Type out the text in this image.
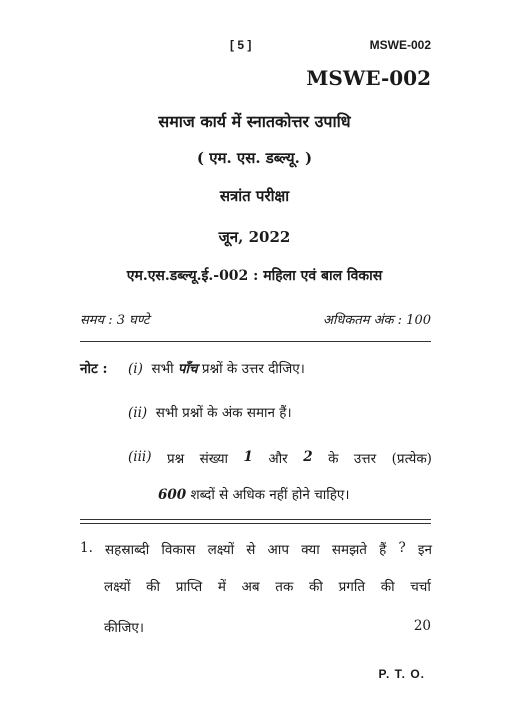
[ 5 ]	MSWE-002
MSWE-002
समाज कार्य में स्नातकोत्तर उपाधि
( एम. एस. डब्ल्यू. )
सत्रांत परीक्षा
जून, 2022
एम.एस.डब्ल्यू.ई.-002 : महिला एवं बाल विकास
समय : 3 घण्टे	अधिकतम अंक : 100
नोट : (i) सभी पाँच प्रश्नों के उत्तर दीजिए।
(ii) सभी प्रश्नों के अंक समान हैं।
(iii) प्रश्न संख्या 1 और 2 के उत्तर (प्रत्येक)
600 शब्दों से अधिक नहीं होने चाहिए।
1. सहस्राब्दी विकास लक्ष्यों से आप क्या समझते हैं ? इन
लक्ष्यों की प्राप्ति में अब तक की प्रगति की चर्चा
कीजिए।	20
P. T. O.
